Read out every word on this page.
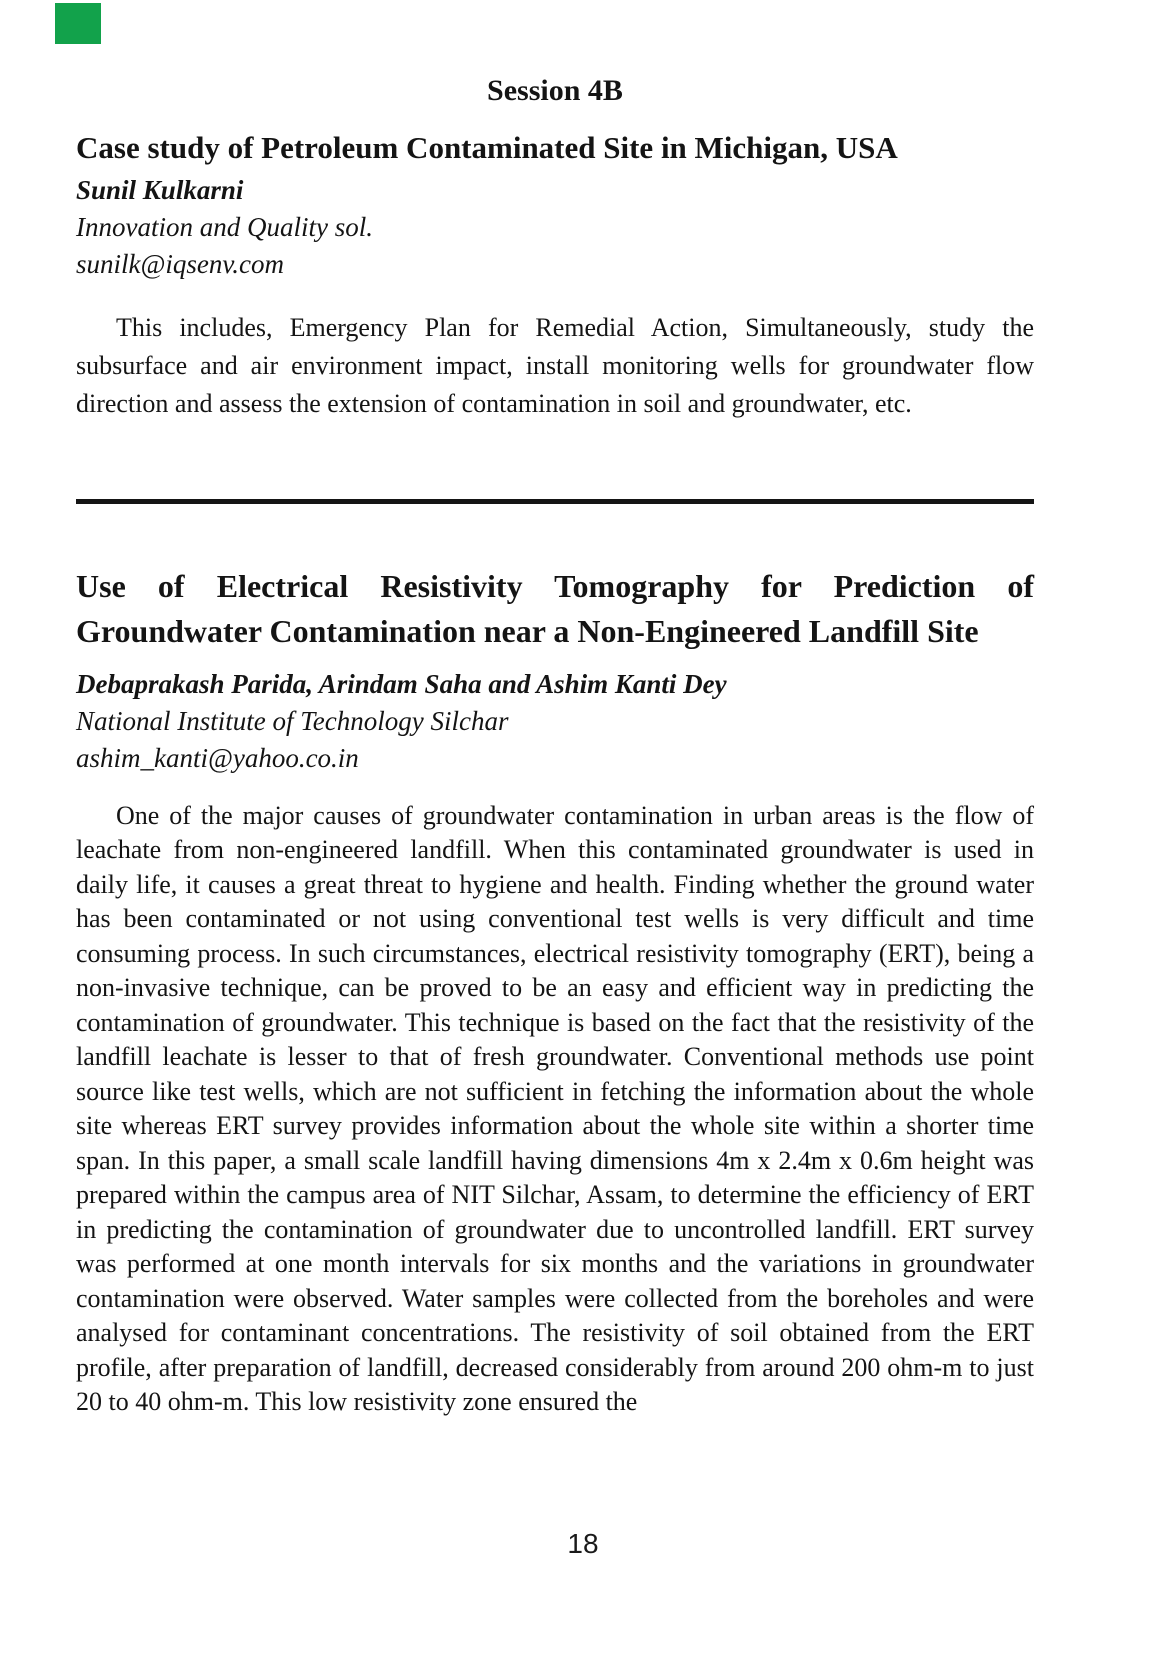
Session 4B
Case study of Petroleum Contaminated Site in Michigan, USA

Sunil Kulkarni

Innovation and Quality sol.

sunilk@iqsenv.com

This includes, Emergency Plan for Remedial Action, Simultaneously, study the subsurface and air environment impact, install monitoring wells for groundwater flow direction and assess the extension of contamination in soil and groundwater, etc.

Use of Electrical Resistivity Tomography for Prediction of Groundwater Contamination near a Non-Engineered Landfill Site

Debaprakash Parida, Arindam Saha and Ashim Kanti Dey

National Institute of Technology Silchar

ashim_kanti@yahoo.co.in

One of the major causes of groundwater contamination in urban areas is the flow of leachate from non-engineered landfill. When this contaminated groundwater is used in daily life, it causes a great threat to hygiene and health. Finding whether the ground water has been contaminated or not using conventional test wells is very difficult and time consuming process. In such circumstances, electrical resistivity tomography (ERT), being a non-invasive technique, can be proved to be an easy and efficient way in predicting the contamination of groundwater. This technique is based on the fact that the resistivity of the landfill leachate is lesser to that of fresh groundwater. Conventional methods use point source like test wells, which are not sufficient in fetching the information about the whole site whereas ERT survey provides information about the whole site within a shorter time span. In this paper, a small scale landfill having dimensions 4m x 2.4m x 0.6m height was prepared within the campus area of NIT Silchar, Assam, to determine the efficiency of ERT in predicting the contamination of groundwater due to uncontrolled landfill. ERT survey was performed at one month intervals for six months and the variations in groundwater contamination were observed. Water samples were collected from the boreholes and were analysed for contaminant concentrations. The resistivity of soil obtained from the ERT profile, after preparation of landfill, decreased considerably from around 200 ohm-m to just 20 to 40 ohm-m. This low resistivity zone ensured the

18
